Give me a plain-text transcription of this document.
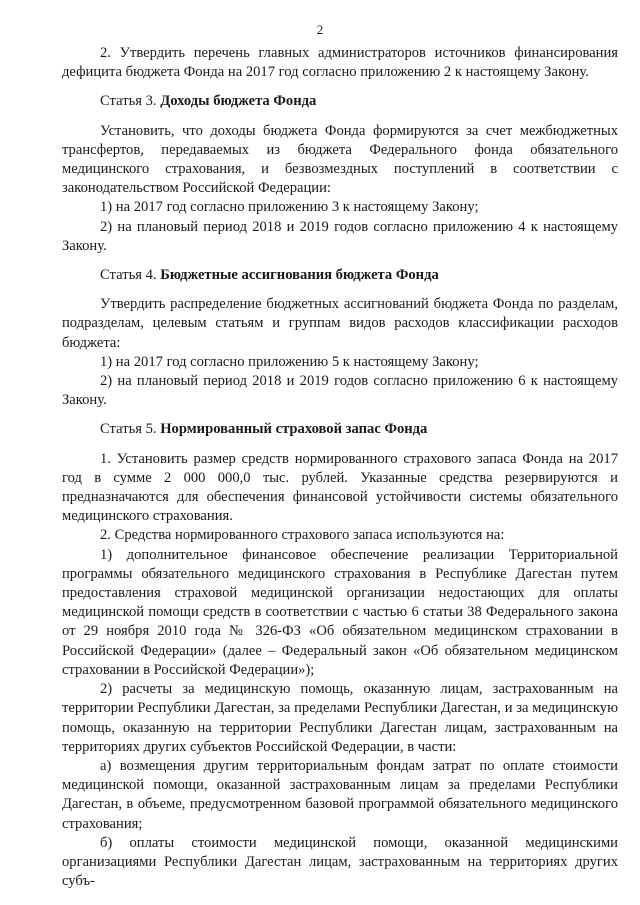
2

2. Утвердить перечень главных администраторов источников финансирования дефицита бюджета Фонда на 2017 год согласно приложению 2 к настоящему Закону.

Статья 3. Доходы бюджета Фонда

Установить, что доходы бюджета Фонда формируются за счет межбюджетных трансфертов, передаваемых из бюджета Федерального фонда обязательного медицинского страхования, и безвозмездных поступлений в соответствии с законодательством Российской Федерации:

1) на 2017 год согласно приложению 3 к настоящему Закону;

2) на плановый период 2018 и 2019 годов согласно приложению 4 к настоящему Закону.

Статья 4. Бюджетные ассигнования бюджета Фонда

Утвердить распределение бюджетных ассигнований бюджета Фонда по разделам, подразделам, целевым статьям и группам видов расходов классификации расходов бюджета:

1) на 2017 год согласно приложению 5 к настоящему Закону;

2) на плановый период 2018 и 2019 годов согласно приложению 6 к настоящему Закону.

Статья 5. Нормированный страховой запас Фонда

1. Установить размер средств нормированного страхового запаса Фонда на 2017 год в сумме 2 000 000,0 тыс. рублей. Указанные средства резервируются и предназначаются для обеспечения финансовой устойчивости системы обязательного медицинского страхования.

2. Средства нормированного страхового запаса используются на:

1) дополнительное финансовое обеспечение реализации Территориальной программы обязательного медицинского страхования в Республике Дагестан путем предоставления страховой медицинской организации недостающих для оплаты медицинской помощи средств в соответствии с частью 6 статьи 38 Федерального закона от 29 ноября 2010 года № 326-ФЗ «Об обязательном медицинском страховании в Российской Федерации» (далее – Федеральный закон «Об обязательном медицинском страховании в Российской Федерации»);

2) расчеты за медицинскую помощь, оказанную лицам, застрахованным на территории Республики Дагестан, за пределами Республики Дагестан, и за медицинскую помощь, оказанную на территории Республики Дагестан лицам, застрахованным на территориях других субъектов Российской Федерации, в части:

а) возмещения другим территориальным фондам затрат по оплате стоимости медицинской помощи, оказанной застрахованным лицам за пределами Республики Дагестан, в объеме, предусмотренном базовой программой обязательного медицинского страхования;

б) оплаты стоимости медицинской помощи, оказанной медицинскими организациями Республики Дагестан лицам, застрахованным на территориях других субъ-
